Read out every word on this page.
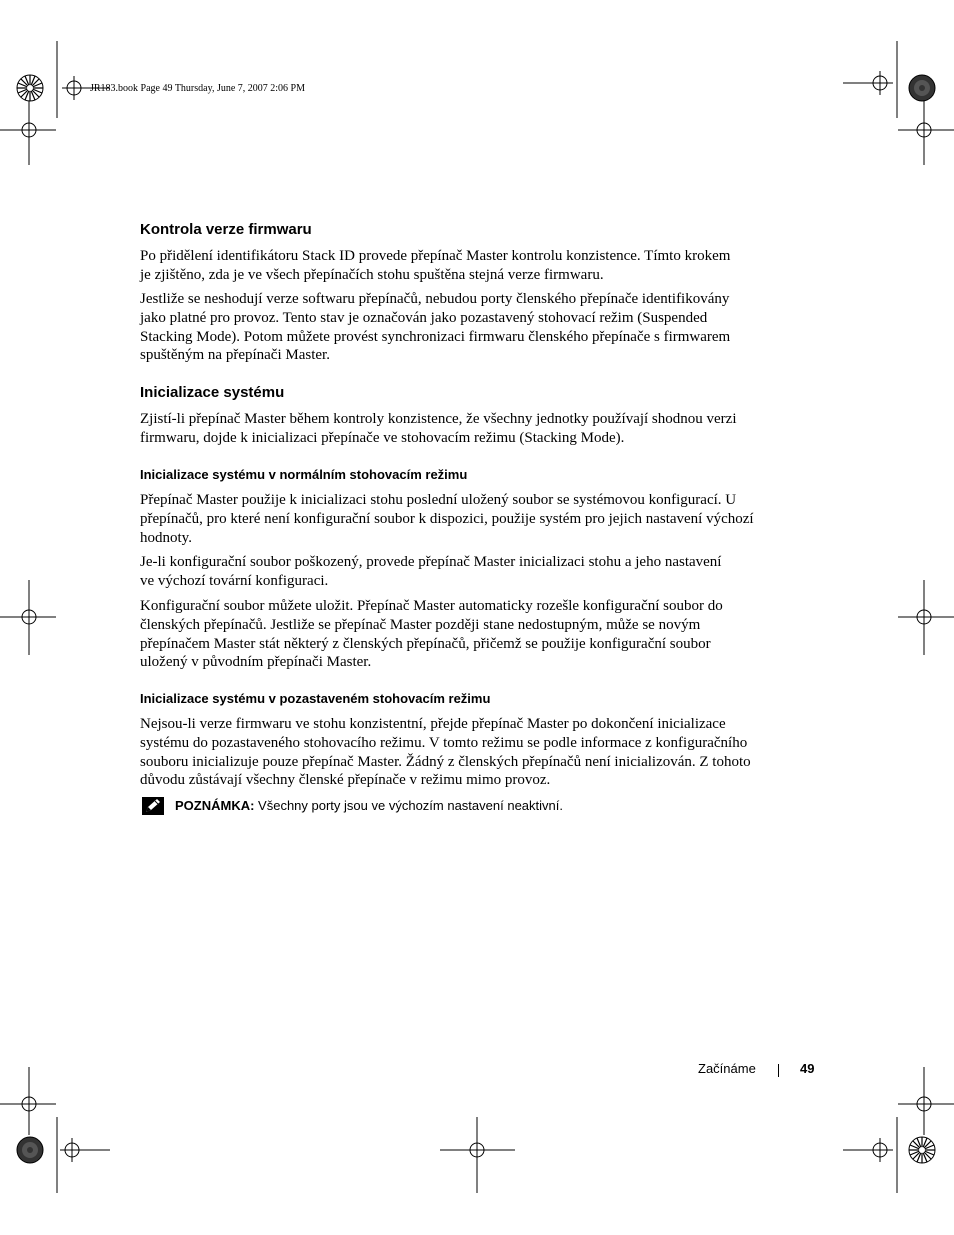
JR183.book Page 49 Thursday, June 7, 2007 2:06 PM
Kontrola verze firmwaru

Po přidělení identifikátoru Stack ID provede přepínač Master kontrolu konzistence. Tímto krokem
je zjištěno, zda je ve všech přepínačích stohu spuštěna stejná verze firmwaru.

Jestliže se neshodují verze softwaru přepínačů, nebudou porty členského přepínače identifikovány
jako platné pro provoz. Tento stav je označován jako pozastavený stohovací režim (Suspended
Stacking Mode). Potom můžete provést synchronizaci firmwaru členského přepínače s firmwarem
spuštěným na přepínači Master.

Inicializace systému

Zjistí-li přepínač Master během kontroly konzistence, že všechny jednotky používají shodnou verzi
firmwaru, dojde k inicializaci přepínače ve stohovacím režimu (Stacking Mode).

Inicializace systému v normálním stohovacím režimu

Přepínač Master použije k inicializaci stohu poslední uložený soubor se systémovou konfigurací. U
přepínačů, pro které není konfigurační soubor k dispozici, použije systém pro jejich nastavení výchozí
hodnoty.

Je-li konfigurační soubor poškozený, provede přepínač Master inicializaci stohu a jeho nastavení
ve výchozí tovární konfiguraci.

Konfigurační soubor můžete uložit. Přepínač Master automaticky rozešle konfigurační soubor do
členských přepínačů. Jestliže se přepínač Master později stane nedostupným, může se novým
přepínačem Master stát některý z členských přepínačů, přičemž se použije konfigurační soubor
uložený v původním přepínači Master.

Inicializace systému v pozastaveném stohovacím režimu

Nejsou-li verze firmwaru ve stohu konzistentní, přejde přepínač Master po dokončení inicializace
systému do pozastaveného stohovacího režimu. V tomto režimu se podle informace z konfiguračního
souboru inicializuje pouze přepínač Master. Žádný z členských přepínačů není inicializován. Z tohoto
důvodu zůstávají všechny členské přepínače v režimu mimo provoz.

POZNÁMKA: Všechny porty jsou ve výchozím nastavení neaktivní.
Začínáme	49
